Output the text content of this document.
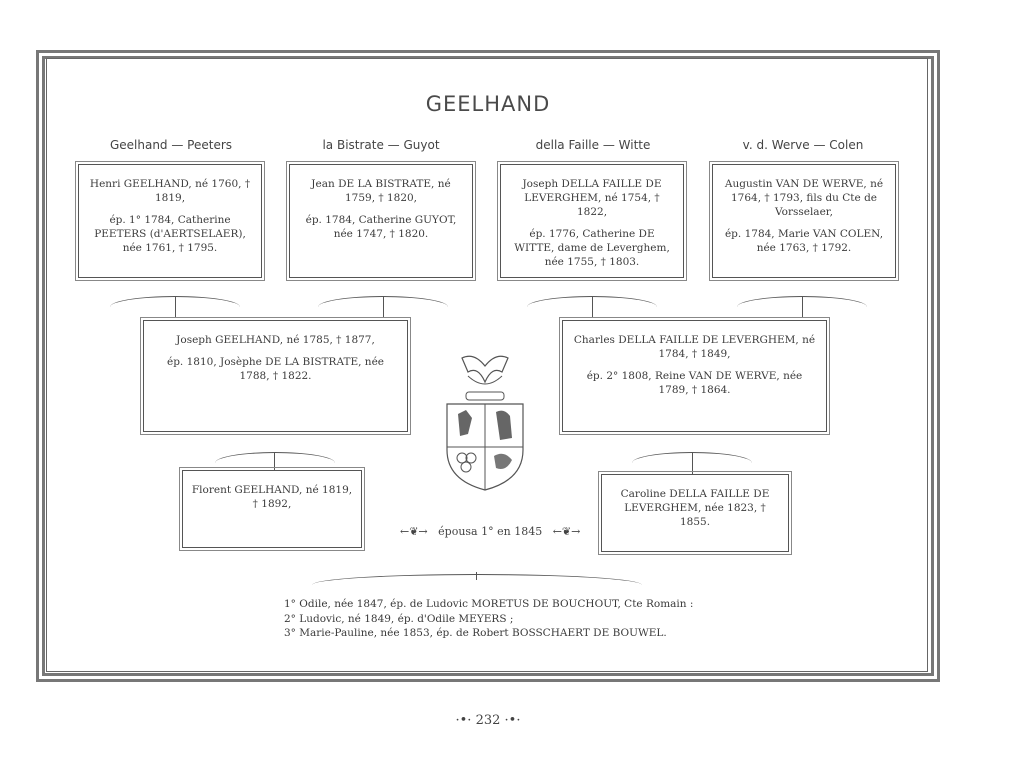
GEELHAND
Geelhand — Peeters	la Bistrate — Guyot	della Faille — Witte	v. d. Werve — Colen

Henri GEELHAND, né 1760, † 1819,

ép. 1° 1784, Catherine PEETERS (d'AERTSELAER), née 1761, † 1795.

Jean DE LA BISTRATE, né 1759, † 1820,

ép. 1784, Catherine GUYOT, née 1747, † 1820.

Joseph DELLA FAILLE DE LEVERGHEM, né 1754, † 1822,

ép. 1776, Catherine DE WITTE, dame de Leverghem, née 1755, † 1803.

Augustin VAN DE WERVE, né 1764, † 1793, fils du Cte de Vorsselaer,

ép. 1784, Marie VAN COLEN, née 1763, † 1792.

Joseph GEELHAND, né 1785, † 1877,

ép. 1810, Josèphe DE LA BISTRATE, née 1788, † 1822.

Charles DELLA FAILLE DE LEVERGHEM, né 1784, † 1849,

ép. 2° 1808, Reine VAN DE WERVE, née 1789, † 1864.

Florent GEELHAND, né 1819, † 1892,

Caroline DELLA FAILLE DE LEVERGHEM, née 1823, † 1855.

←❦→ épousa 1° en 1845 ←❦→
1° Odile, née 1847, ép. de Ludovic MORETUS DE BOUCHOUT, Cte Romain :
2° Ludovic, né 1849, ép. d'Odile MEYERS ;
3° Marie-Pauline, née 1853, ép. de Robert BOSSCHAERT DE BOUWEL.
·•· 232 ·•·
